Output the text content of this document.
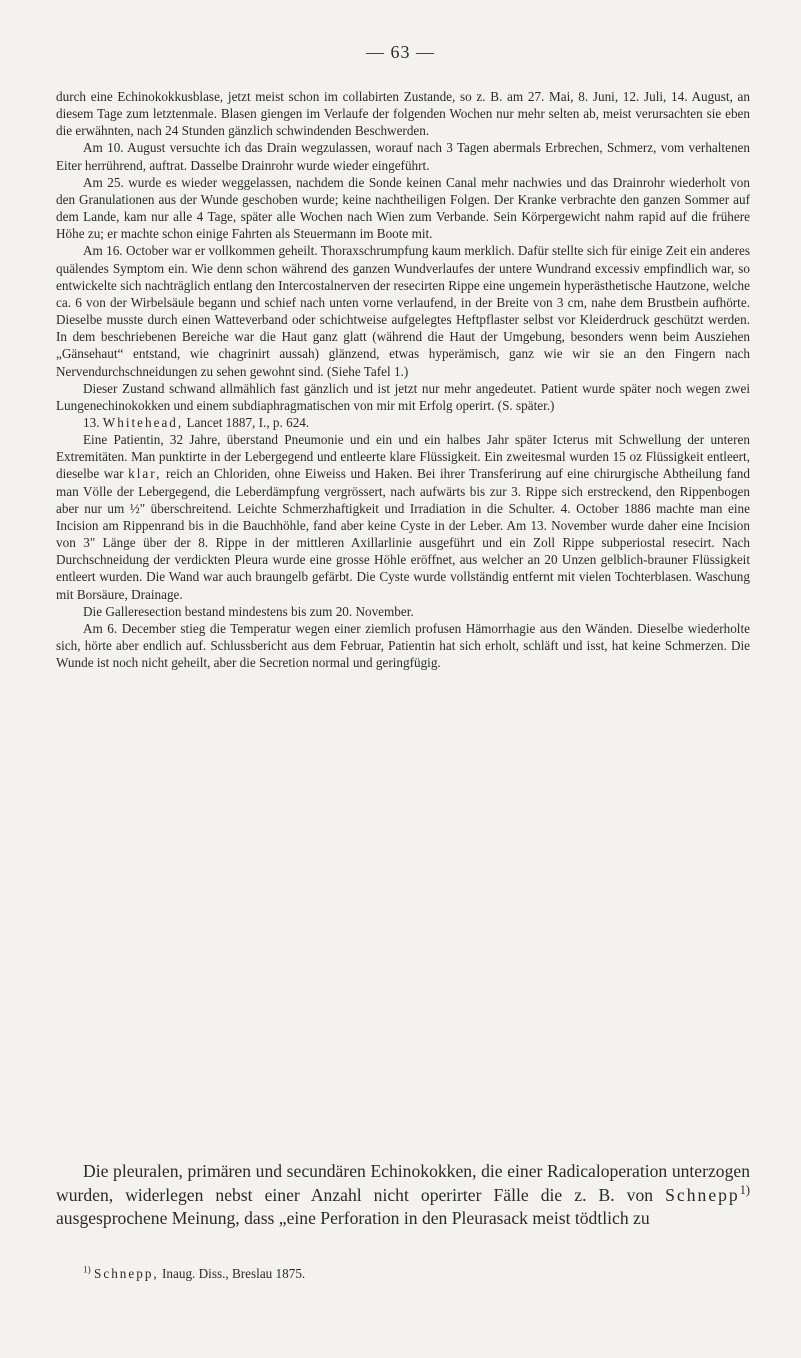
— 63 —

durch eine Echinokokkusblase, jetzt meist schon im collabirten Zustande, so z. B. am 27. Mai, 8. Juni, 12. Juli, 14. August, an diesem Tage zum letztenmale. Blasen giengen im Verlaufe der folgenden Wochen nur mehr selten ab, meist verursachten sie eben die erwähnten, nach 24 Stunden gänzlich schwindenden Beschwerden.

Am 10. August versuchte ich das Drain wegzulassen, worauf nach 3 Tagen abermals Erbrechen, Schmerz, vom verhaltenen Eiter herrührend, auftrat. Dasselbe Drainrohr wurde wieder eingeführt.

Am 25. wurde es wieder weggelassen, nachdem die Sonde keinen Canal mehr nachwies und das Drainrohr wiederholt von den Granulationen aus der Wunde geschoben wurde; keine nachtheiligen Folgen. Der Kranke verbrachte den ganzen Sommer auf dem Lande, kam nur alle 4 Tage, später alle Wochen nach Wien zum Verbande. Sein Körpergewicht nahm rapid auf die frühere Höhe zu; er machte schon einige Fahrten als Steuermann im Boote mit.

Am 16. October war er vollkommen geheilt. Thoraxschrumpfung kaum merklich. Dafür stellte sich für einige Zeit ein anderes quälendes Symptom ein. Wie denn schon während des ganzen Wundverlaufes der untere Wundrand excessiv empfindlich war, so entwickelte sich nachträglich entlang den Intercostalnerven der resecirten Rippe eine ungemein hyperästhetische Hautzone, welche ca. 6 von der Wirbelsäule begann und schief nach unten vorne verlaufend, in der Breite von 3 cm, nahe dem Brustbein aufhörte. Dieselbe musste durch einen Watteverband oder schichtweise aufgelegtes Heftpflaster selbst vor Kleiderdruck geschützt werden. In dem beschriebenen Bereiche war die Haut ganz glatt (während die Haut der Umgebung, besonders wenn beim Ausziehen „Gänsehaut“ entstand, wie chagrinirt aussah) glänzend, etwas hyperämisch, ganz wie wir sie an den Fingern nach Nervendurchschneidungen zu sehen gewohnt sind. (Siehe Tafel 1.)

Dieser Zustand schwand allmählich fast gänzlich und ist jetzt nur mehr angedeutet. Patient wurde später noch wegen zwei Lungenechinokokken und einem subdiaphragmatischen von mir mit Erfolg operirt. (S. später.)

13. Whitehead, Lancet 1887, I., p. 624.

Eine Patientin, 32 Jahre, überstand Pneumonie und ein und ein halbes Jahr später Icterus mit Schwellung der unteren Extremitäten. Man punktirte in der Lebergegend und entleerte klare Flüssigkeit. Ein zweitesmal wurden 15 oz Flüssigkeit entleert, dieselbe war klar, reich an Chloriden, ohne Eiweiss und Haken. Bei ihrer Transferirung auf eine chirurgische Abtheilung fand man Völle der Lebergegend, die Leberdämpfung vergrössert, nach aufwärts bis zur 3. Rippe sich erstreckend, den Rippenbogen aber nur um ½" überschreitend. Leichte Schmerzhaftigkeit und Irradiation in die Schulter. 4. October 1886 machte man eine Incision am Rippenrand bis in die Bauchhöhle, fand aber keine Cyste in der Leber. Am 13. November wurde daher eine Incision von 3" Länge über der 8. Rippe in der mittleren Axillarlinie ausgeführt und ein Zoll Rippe subperiostal resecirt. Nach Durchschneidung der verdickten Pleura wurde eine grosse Höhle eröffnet, aus welcher an 20 Unzen gelblich-brauner Flüssigkeit entleert wurden. Die Wand war auch braungelb gefärbt. Die Cyste wurde vollständig entfernt mit vielen Tochterblasen. Waschung mit Borsäure, Drainage.

Die Galleresection bestand mindestens bis zum 20. November.

Am 6. December stieg die Temperatur wegen einer ziemlich profusen Hämorrhagie aus den Wänden. Dieselbe wiederholte sich, hörte aber endlich auf. Schlussbericht aus dem Februar, Patientin hat sich erholt, schläft und isst, hat keine Schmerzen. Die Wunde ist noch nicht geheilt, aber die Secretion normal und geringfügig.

Die pleuralen, primären und secundären Echinokokken, die einer Radicaloperation unterzogen wurden, widerlegen nebst einer Anzahl nicht operirter Fälle die z. B. von Schnepp$^{1)}$ ausgesprochene Meinung, dass „eine Perforation in den Pleurasack meist tödtlich zu

$^{1)}$ Schnepp, Inaug. Diss., Breslau 1875.
